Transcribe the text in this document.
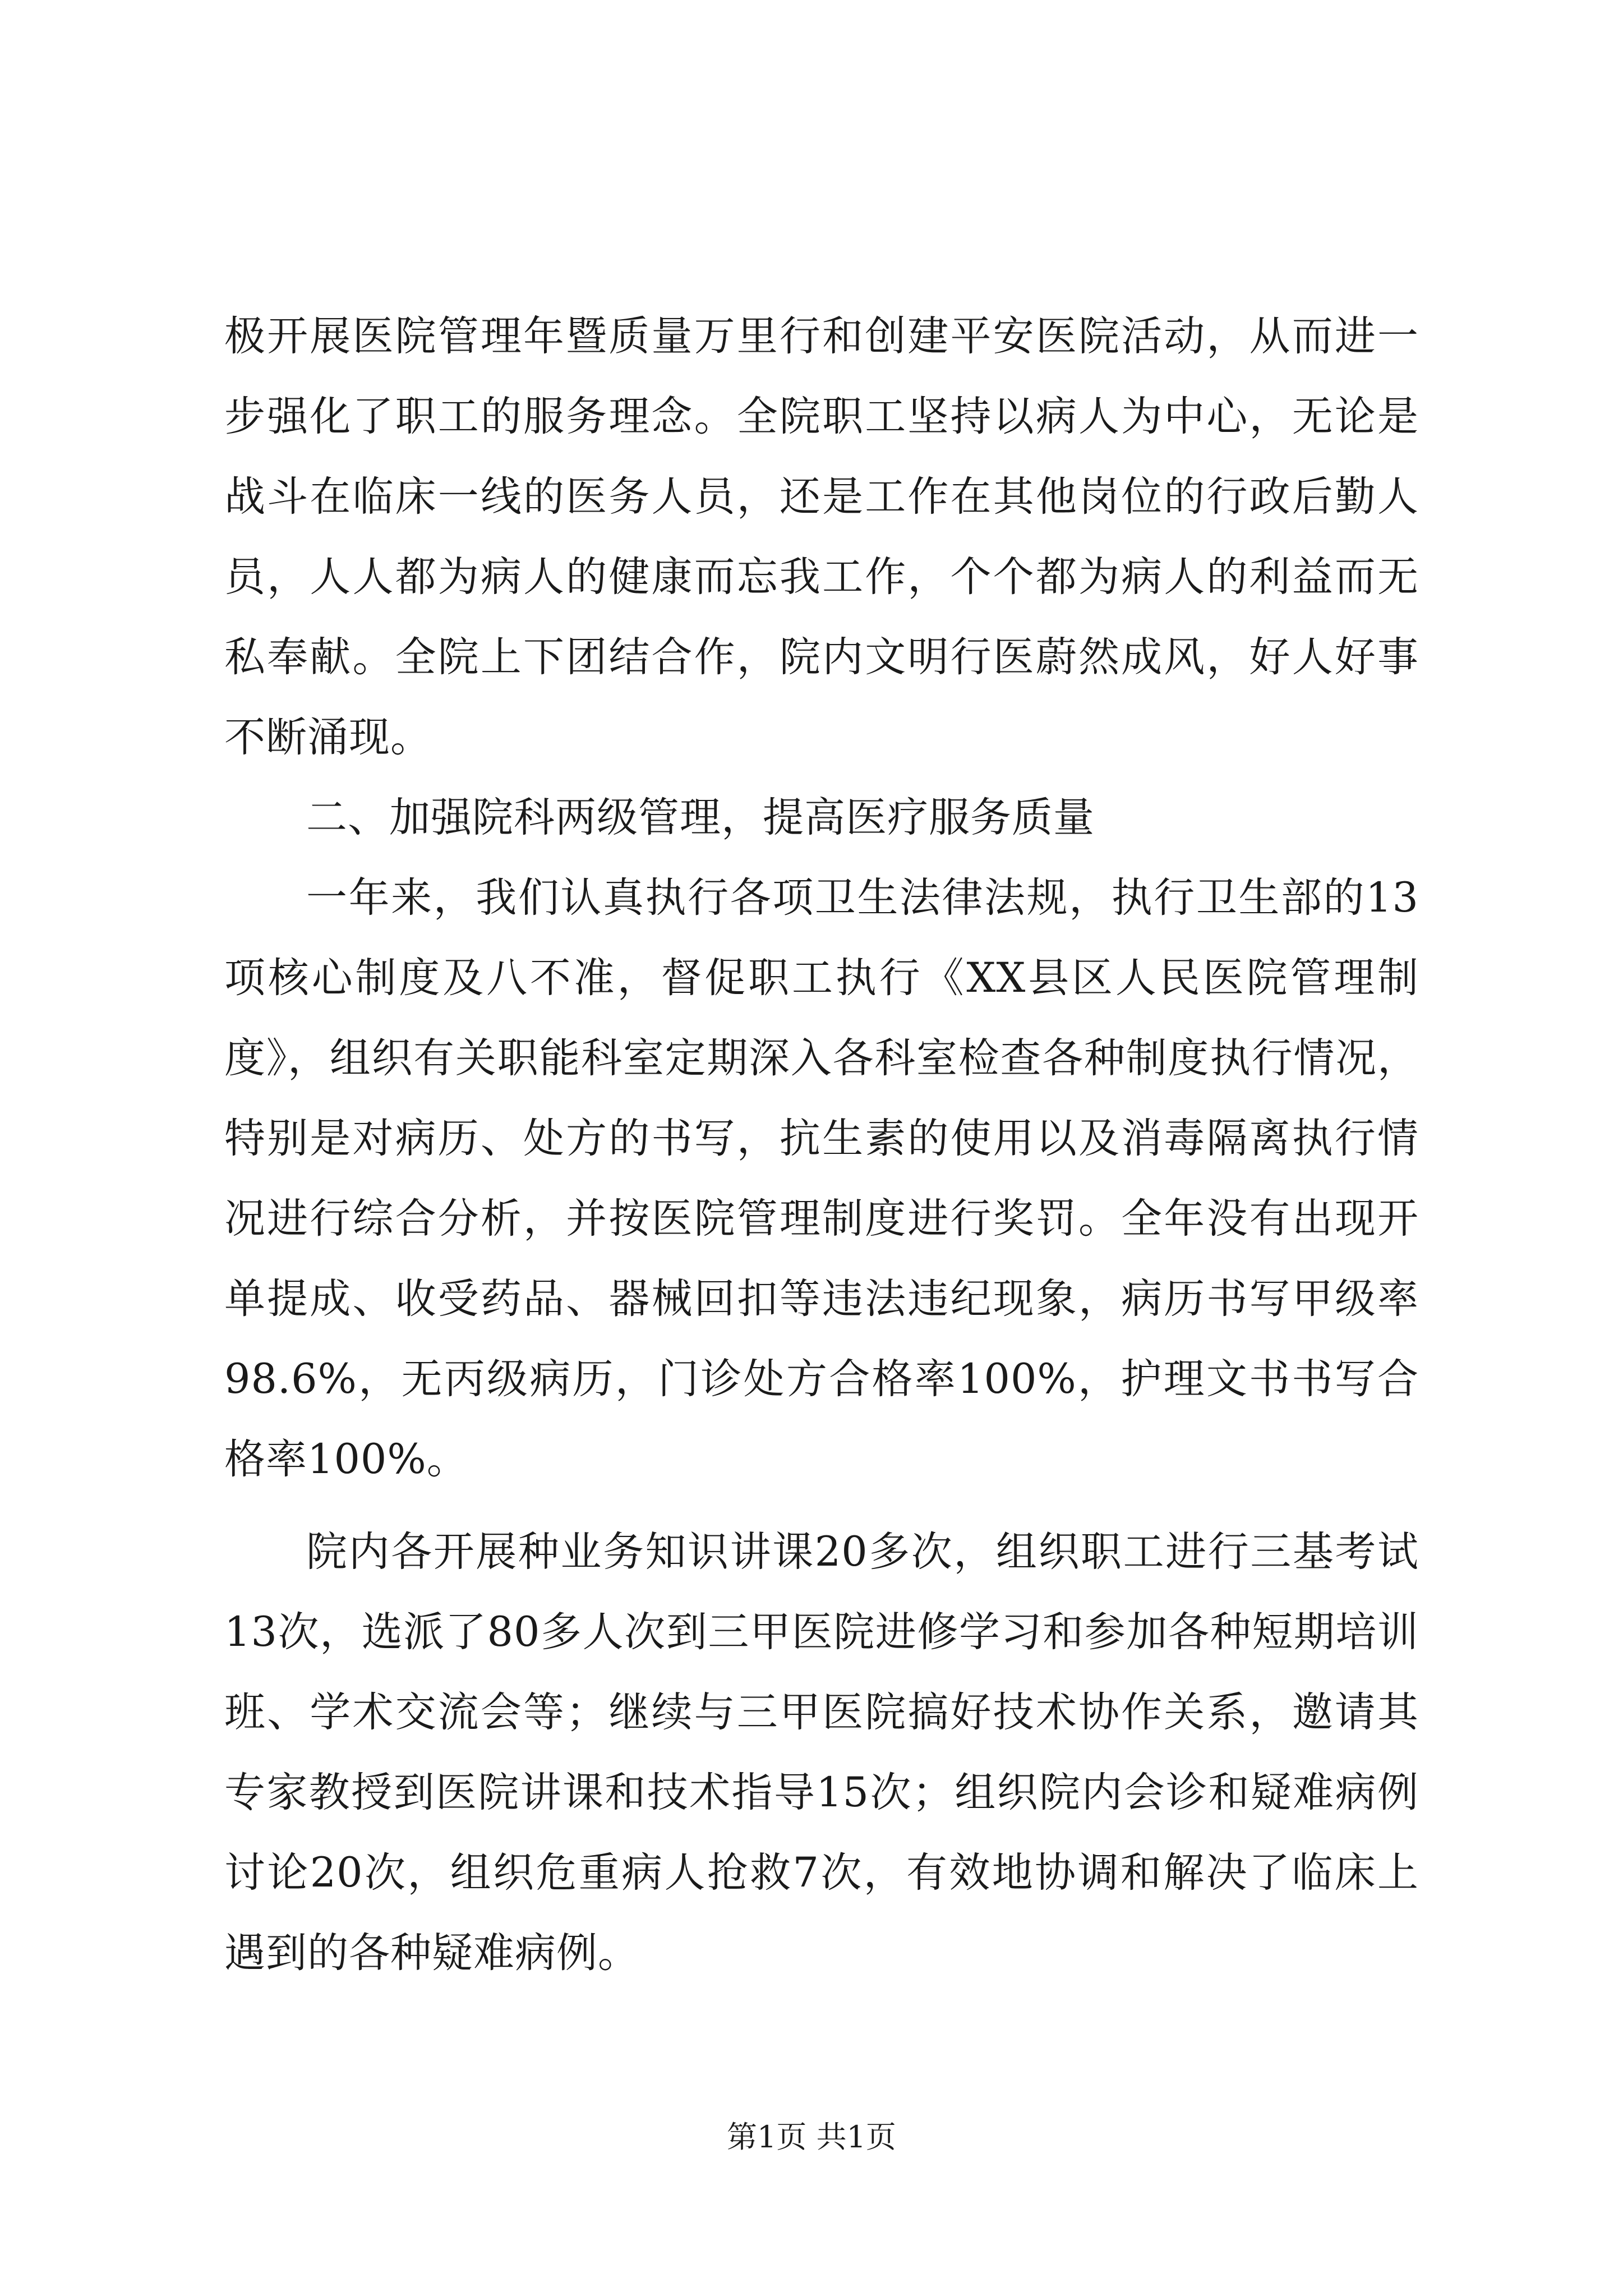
极开展医院管理年暨质量万里行和创建平安医院活动，从而进一步强化了职工的服务理念。全院职工坚持以病人为中心，无论是战斗在临床一线的医务人员，还是工作在其他岗位的行政后勤人员，人人都为病人的健康而忘我工作，个个都为病人的利益而无私奉献。全院上下团结合作，院内文明行医蔚然成风，好人好事不断涌现。

二、加强院科两级管理，提高医疗服务质量

一年来，我们认真执行各项卫生法律法规，执行卫生部的13项核心制度及八不准，督促职工执行《XX县区人民医院管理制度》，组织有关职能科室定期深入各科室检查各种制度执行情况，特别是对病历、处方的书写，抗生素的使用以及消毒隔离执行情况进行综合分析，并按医院管理制度进行奖罚。全年没有出现开单提成、收受药品、器械回扣等违法违纪现象，病历书写甲级率98.6%，无丙级病历，门诊处方合格率100%，护理文书书写合格率100%。

院内各开展种业务知识讲课20多次，组织职工进行三基考试13次，选派了80多人次到三甲医院进修学习和参加各种短期培训班、学术交流会等；继续与三甲医院搞好技术协作关系，邀请其专家教授到医院讲课和技术指导15次；组织院内会诊和疑难病例讨论20次，组织危重病人抢救7次，有效地协调和解决了临床上遇到的各种疑难病例。

第1页 共1页
